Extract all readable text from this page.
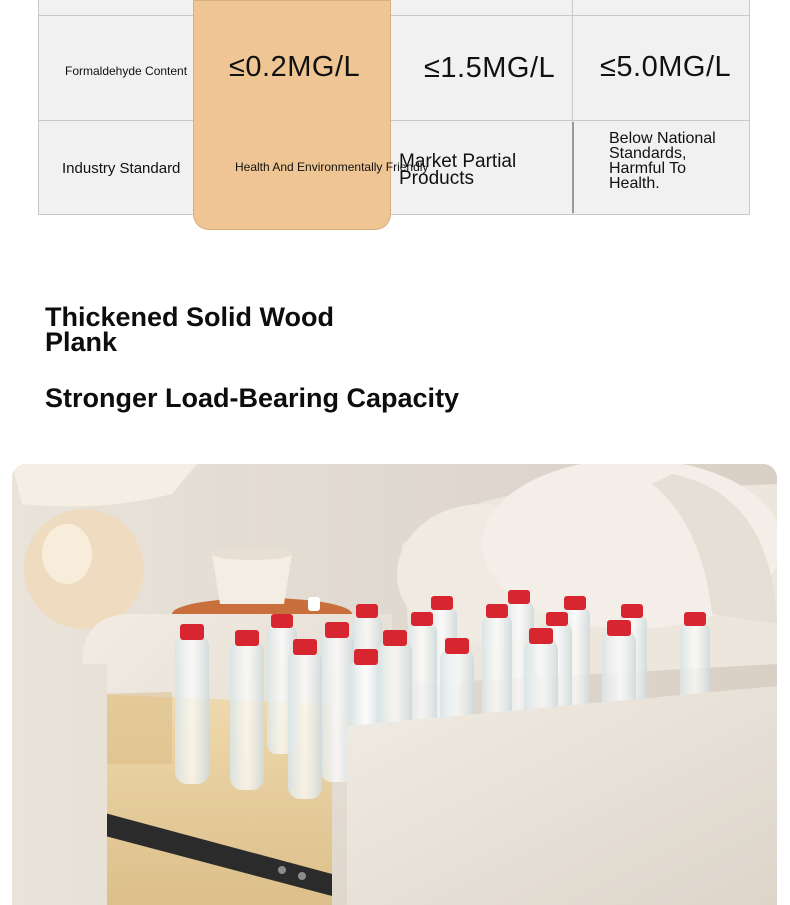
Formaldehyde Content ≤0.2MG/L ≤1.5MG/L ≤5.0MG/L
Industry Standard	Health And Environmentally Friendly
Market Partial Products
Below National Standards, Harmful To Health.
Thickened Solid Wood Plank
Stronger Load-Bearing Capacity
